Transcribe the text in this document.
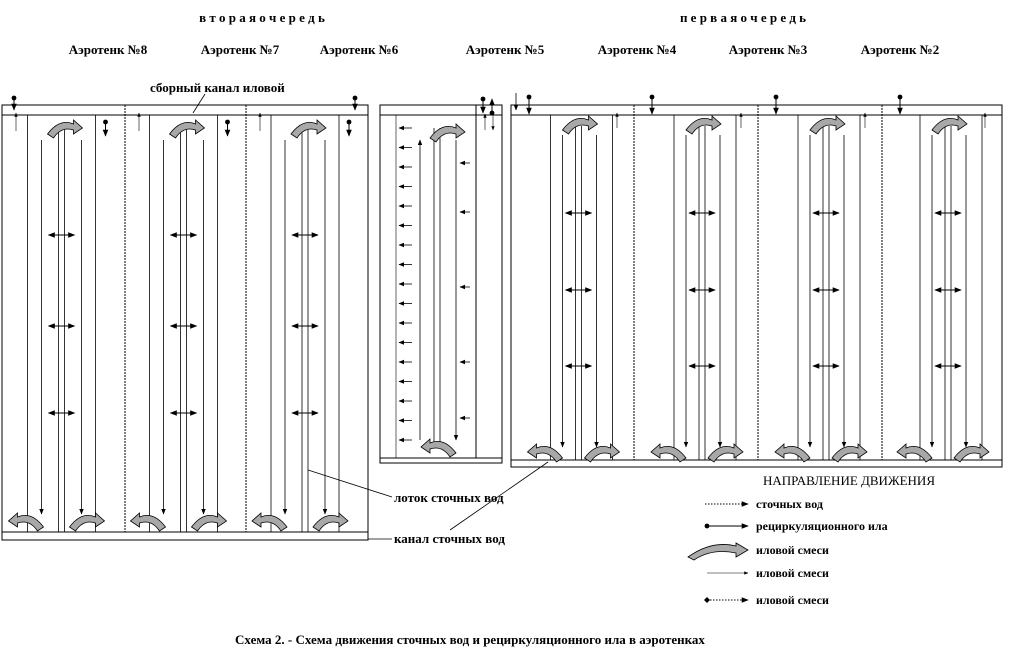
в т о р а я о ч е р е д ь	п е р в а я о ч е р е д ь
Аэротенк №8	Аэротенк №7	Аэротенк №6	Аэротенк №5	Аэротенк №4	Аэротенк №3	Аэротенк №2
сборный канал иловой
лоток сточных вод
канал сточных вод
НАПРАВЛЕНИЕ ДВИЖЕНИЯ
сточных вод
рециркуляционного ила
иловой смеси
иловой смеси
иловой смеси
Схема 2. - Схема движения сточных вод и рециркуляционного ила в аэротенках
